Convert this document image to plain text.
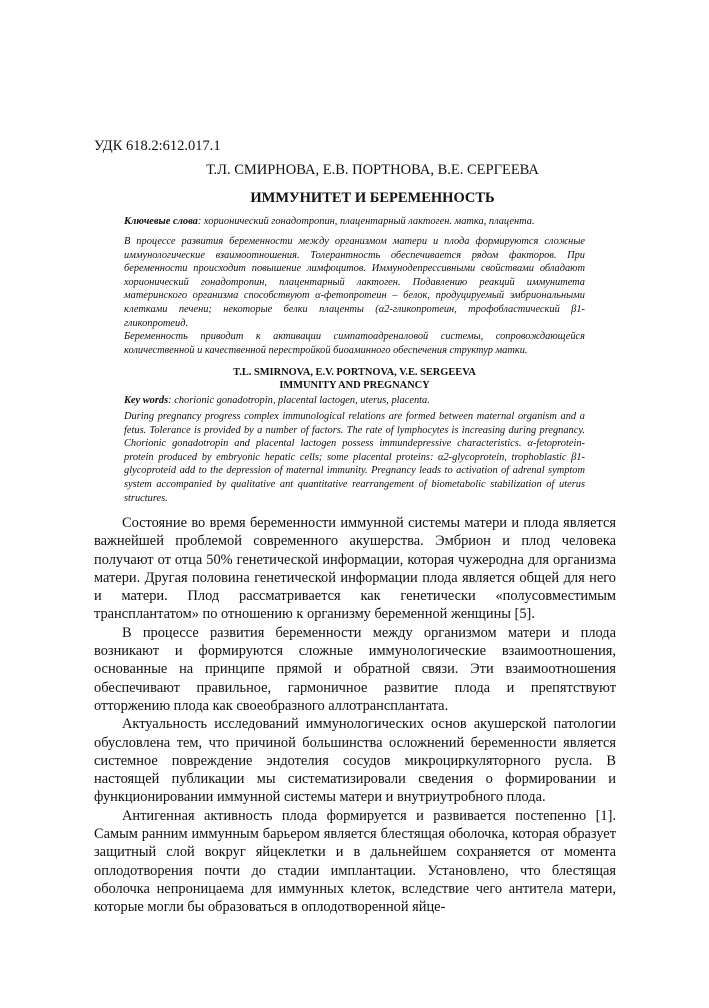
УДК 618.2:612.017.1
Т.Л. СМИРНОВА, Е.В. ПОРТНОВА, В.Е. СЕРГЕЕВА
ИММУНИТЕТ И БЕРЕМЕННОСТЬ

Ключевые слова: хорионический гонадотропин, плацентарный лактоген. матка, плацента.

В процессе развития беременности между организмом матери и плода формируются сложные иммунологические взаимоотношения. Толерантность обеспечивается рядом факторов. При беременности происходит повышение лимфоцитов. Иммунодепрессивными свойствами обладают хорионический гонадотропин, плацентарный лактоген. Подавлению реакций иммунитета материнского организма способствуют α-фетопротеин – белок, продуцируемый эмбриональными клетками печени; некоторые белки плаценты (α2-гликопротеин, трофобластический β1-гликопротеид.

Беременность приводит к активации симпатоадреналовой системы, сопровождающейся количественной и качественной перестройкой биоаминного обеспечения структур матки.

T.L. SMIRNOVA, E.V. PORTNOVA, V.E. SERGEEVA
IMMUNITY AND PREGNANCY

Key words: chorionic gonadotropin, placental lactogen, uterus, placenta.

During pregnancy progress complex immunological relations are formed between maternal organism and a fetus. Tolerance is provided by a number of factors. The rate of lymphocytes is increasing during pregnancy. Chorionic gonadotropin and placental lactogen possess immundepressive characteristics. α-fetoprotein-protein produced by embryonic hepatic cells; some placental proteins: α2-glycoprotein, trophoblastic β1-glycoproteid add to the depression of maternal immunity. Pregnancy leads to activation of adrenal symptom system accompanied by qualitative ant quantitative rearrangement of biometabolic stabilization of uterus structures.

Состояние во время беременности иммунной системы матери и плода является важнейшей проблемой современного акушерства. Эмбрион и плод человека получают от отца 50% генетической информации, которая чужеродна для организма матери. Другая половина генетической информации плода является общей для него и матери. Плод рассматривается как генетически «полусовместимым трансплантатом» по отношению к организму беременной женщины [5].

В процессе развития беременности между организмом матери и плода возникают и формируются сложные иммунологические взаимоотношения, основанные на принципе прямой и обратной связи. Эти взаимоотношения обеспечивают правильное, гармоничное развитие плода и препятствуют отторжению плода как своеобразного аллотрансплантата.

Актуальность исследований иммунологических основ акушерской патологии обусловлена тем, что причиной большинства осложнений беременности является системное повреждение эндотелия сосудов микроциркуляторного русла. В настоящей публикации мы систематизировали сведения о формировании и функционировании иммунной системы матери и внутриутробного плода.

Антигенная активность плода формируется и развивается постепенно [1]. Самым ранним иммунным барьером является блестящая оболочка, которая образует защитный слой вокруг яйцеклетки и в дальнейшем сохраняется от момента оплодотворения почти до стадии имплантации. Установлено, что блестящая оболочка непроницаема для иммунных клеток, вследствие чего антитела матери, которые могли бы образоваться в оплодотворенной яйце-
